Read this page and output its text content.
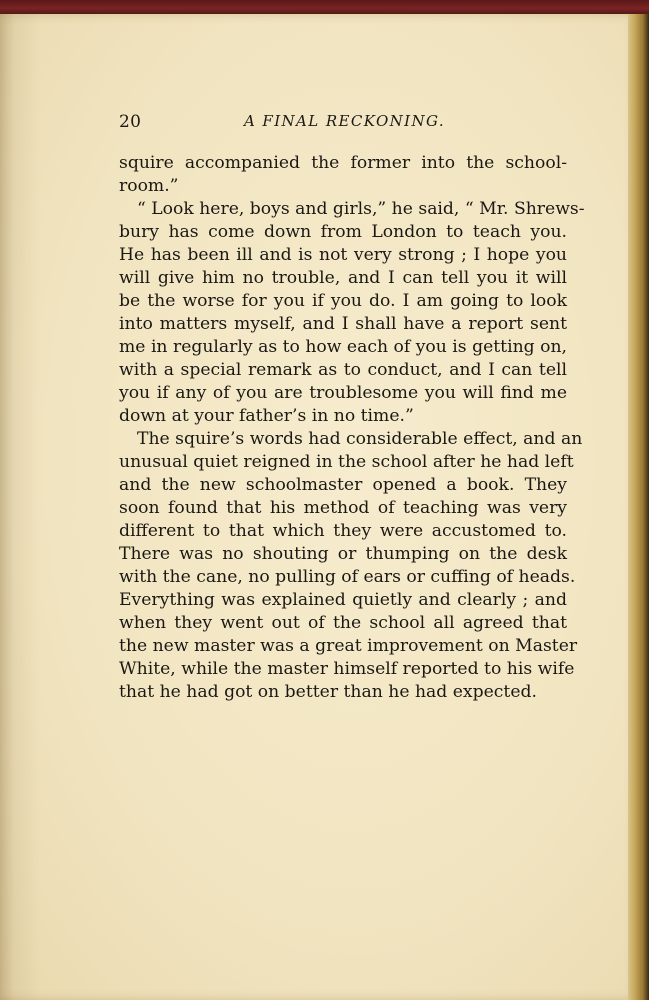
20	A FINAL RECKONING.
squire accompanied the former into the school-
room.”
“ Look here, boys and girls,” he said, “ Mr. Shrews-
bury has come down from London to teach you.
He has been ill and is not very strong ; I hope you
will give him no trouble, and I can tell you it will
be the worse for you if you do. I am going to look
into matters myself, and I shall have a report sent
me in regularly as to how each of you is getting on,
with a special remark as to conduct, and I can tell
you if any of you are troublesome you will find me
down at your father’s in no time.”
The squire’s words had considerable effect, and an
unusual quiet reigned in the school after he had left
and the new schoolmaster opened a book. They
soon found that his method of teaching was very
different to that which they were accustomed to.
There was no shouting or thumping on the desk
with the cane, no pulling of ears or cuffing of heads.
Everything was explained quietly and clearly ; and
when they went out of the school all agreed that
the new master was a great improvement on Master
White, while the master himself reported to his wife
that he had got on better than he had expected.
